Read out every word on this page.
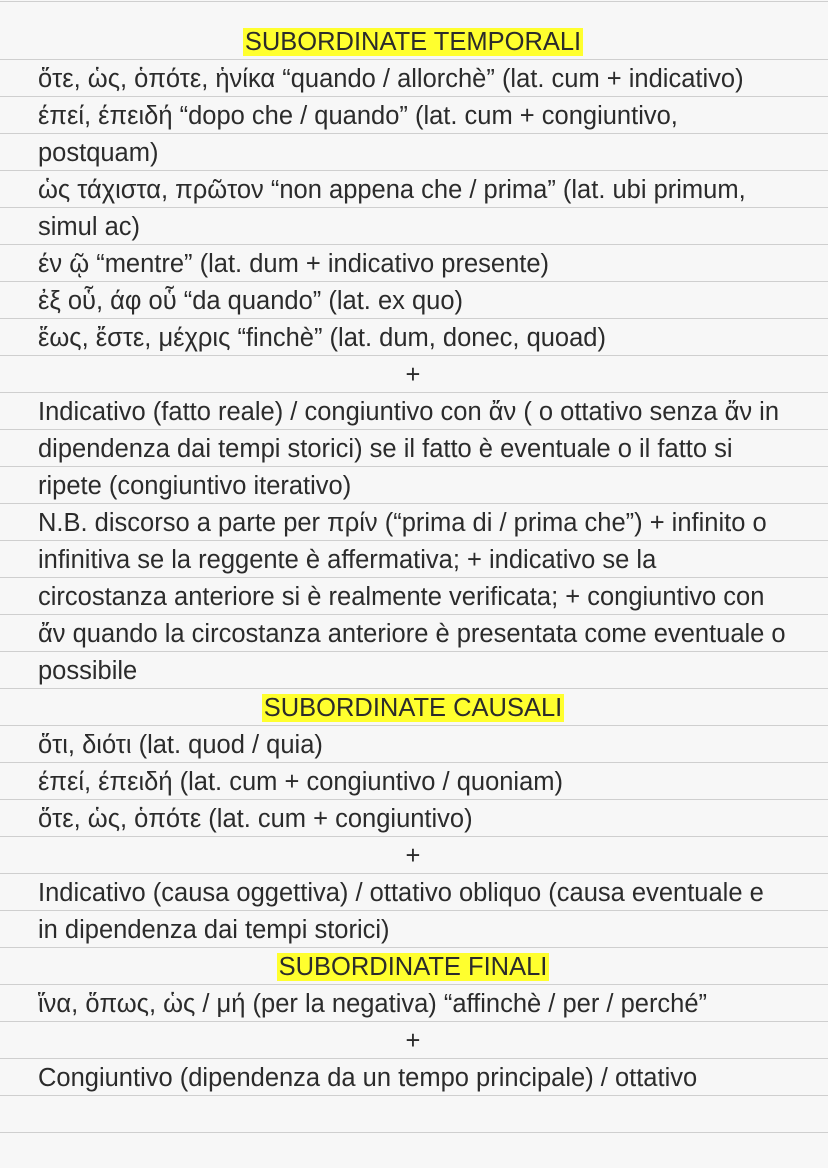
SUBORDINATE TEMPORALI
ὅτε, ὡς, ὁπότε, ἡνίκα “quando / allorchè” (lat. cum + indicativo)
έπεί, έπειδή “dopo che / quando” (lat. cum + congiuntivo, postquam)
ὡς τάχιστα, πρῶτον “non appena che / prima” (lat. ubi primum, simul ac)
έν ῷ “mentre” (lat. dum + indicativo presente)
ἐξ οὗ, άφ οὗ “da quando” (lat. ex quo)
ἕως, ἔστε, μέχρις “finchè” (lat. dum, donec, quoad)
+
Indicativo (fatto reale) / congiuntivo con ἄν ( o ottativo senza ἄν in dipendenza dai tempi storici) se il fatto è eventuale o il fatto si ripete (congiuntivo iterativo)
N.B. discorso a parte per πρίν (“prima di / prima che”) + infinito o infinitiva se la reggente è affermativa; + indicativo se la circostanza anteriore si è realmente verificata; + congiuntivo con ἄν quando la circostanza anteriore è presentata come eventuale o possibile
SUBORDINATE CAUSALI
ὅτι, διότι (lat. quod / quia)
έπεί, έπειδή (lat. cum + congiuntivo / quoniam)
ὅτε, ὡς, ὁπότε (lat. cum + congiuntivo)
+
Indicativo (causa oggettiva) / ottativo obliquo (causa eventuale e in dipendenza dai tempi storici)
SUBORDINATE FINALI
ἵνα, ὅπως, ὡς / μή (per la negativa) “affinchè / per / perché”
+
Congiuntivo (dipendenza da un tempo principale) / ottativo
